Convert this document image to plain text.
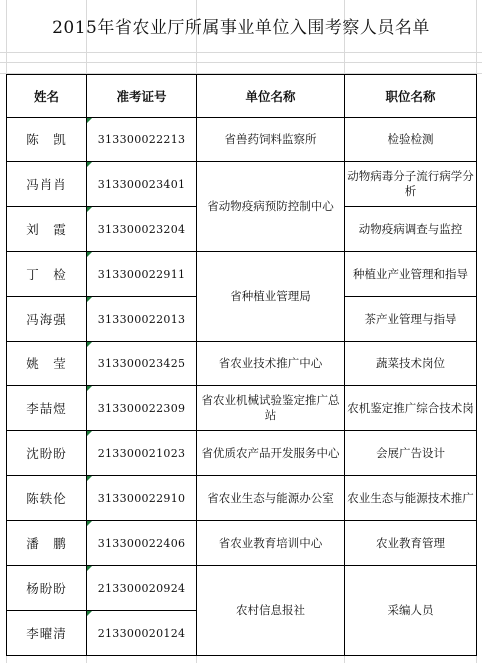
2015年省农业厅所属事业单位入围考察人员名单
姓名	准考证号	单位名称	职位名称
陈　凯	313300022213	省兽药饲料监察所	检验检测
冯肖肖	313300023401	省动物疫病预防控制中心	动物病毒分子流行病学分析
刘　霞	313300023204		动物疫病调查与监控
丁　检	313300022911	省种植业管理局	种植业产业管理和指导
冯海强	313300022013		茶产业管理与指导
姚　莹	313300023425	省农业技术推广中心	蔬菜技术岗位
李喆煜	313300022309	省农业机械试验鉴定推广总站	农机鉴定推广综合技术岗
沈盼盼	213300021023	省优质农产品开发服务中心	会展广告设计
陈轶伦	313300022910	省农业生态与能源办公室	农业生态与能源技术推广
潘　鹏	313300022406	省农业教育培训中心	农业教育管理
杨盼盼	213300020924	农村信息报社	采编人员
李曜清	213300020124		
